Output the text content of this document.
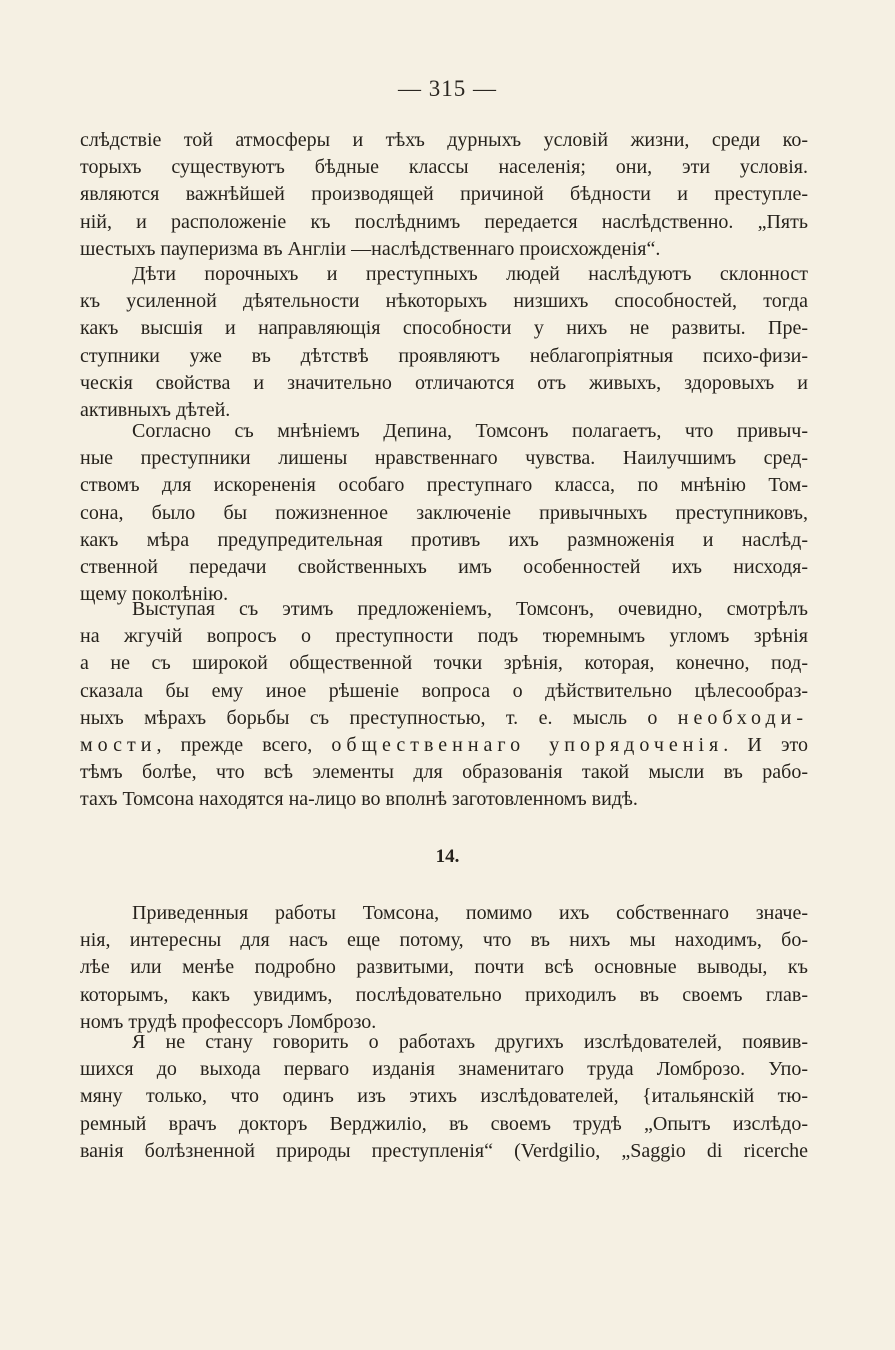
— 315 —
слѣдствіе той атмосферы и тѣхъ дурныхъ условій жизни, среди ко-
торыхъ существуютъ бѣдные классы населенія; они, эти условія.
являются важнѣйшей производящей причиной бѣдности и преступле-
ній, и расположеніе къ послѣднимъ передается наслѣдственно. „Пять
шестыхъ пауперизма въ Англіи —наслѣдственнаго происхожденія“.
Дѣти порочныхъ и преступныхъ людей наслѣдуютъ склонност
къ усиленной дѣятельности нѣкоторыхъ низшихъ способностей, тогда
какъ высшія и направляющія способности у нихъ не развиты. Пре-
ступники уже въ дѣтствѣ проявляютъ неблагопріятныя психо-физи-
ческія свойства и значительно отличаются отъ живыхъ, здоровыхъ и
активныхъ дѣтей.
Согласно съ мнѣніемъ Депина, Томсонъ полагаетъ, что привыч-
ные преступники лишены нравственнаго чувства. Наилучшимъ сред-
ствомъ для искорененія особаго преступнаго класса, по мнѣнію Том-
сона, было бы пожизненное заключеніе привычныхъ преступниковъ,
какъ мѣра предупредительная противъ ихъ размноженія и наслѣд-
ственной передачи свойственныхъ имъ особенностей ихъ нисходя-
щему поколѣнію.
Выступая съ этимъ предложеніемъ, Томсонъ, очевидно, смотрѣлъ
на жгучій вопросъ о преступности подъ тюремнымъ угломъ зрѣнія
а не съ широкой общественной точки зрѣнія, которая, конечно, под-
сказала бы ему иное рѣшеніе вопроса о дѣйствительно цѣлесообраз-
ныхъ мѣрахъ борьбы съ преступностью, т. е. мысль о необходи-
мости, прежде всего, общественнаго упорядоченія. И это
тѣмъ болѣе, что всѣ элементы для образованія такой мысли въ рабо-
тахъ Томсона находятся на-лицо во вполнѣ заготовленномъ видѣ.
14.
Приведенныя работы Томсона, помимо ихъ собственнаго значе-
нія, интересны для насъ еще потому, что въ нихъ мы находимъ, бо-
лѣе или менѣе подробно развитыми, почти всѣ основные выводы, къ
которымъ, какъ увидимъ, послѣдовательно приходилъ въ своемъ глав-
номъ трудѣ профессоръ Ломброзо.
Я не стану говорить о работахъ другихъ изслѣдователей, появив-
шихся до выхода перваго изданія знаменитаго труда Ломброзо. Упо-
мяну только, что одинъ изъ этихъ изслѣдователей, {итальянскій тю-
ремный врачъ докторъ Верджиліо, въ своемъ трудѣ „Опытъ изслѣдо-
ванія болѣзненной природы преступленія“ (Verdgilio, „Saggio di ricerche
